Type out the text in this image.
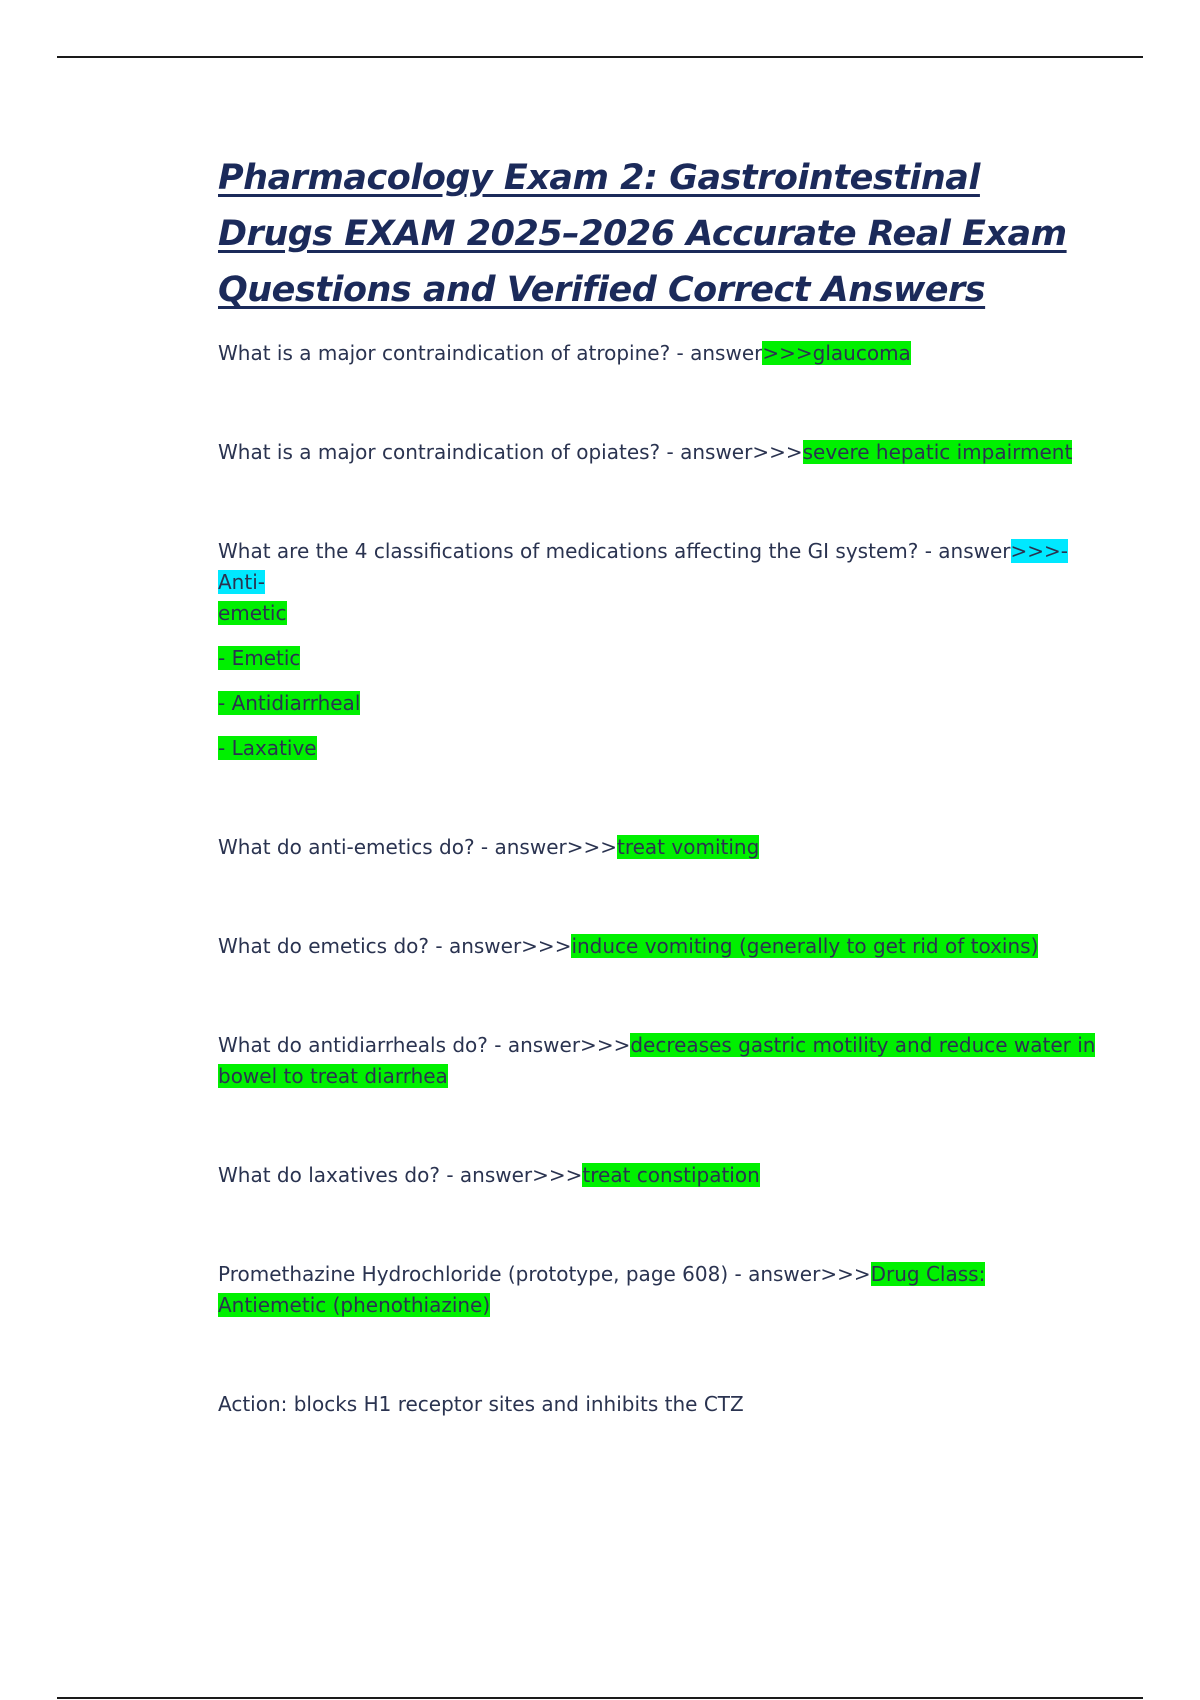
Pharmacology Exam 2: Gastrointestinal Drugs EXAM 2025–2026 Accurate Real Exam Questions and Verified Correct Answers

What is a major contraindication of atropine? - answer>>>glaucoma

What is a major contraindication of opiates? - answer>>>severe hepatic impairment

What are the 4 classifications of medications affecting the GI system? - answer>>>- Anti-
emetic

- Emetic

- Antidiarrheal

- Laxative

What do anti-emetics do? - answer>>>treat vomiting

What do emetics do? - answer>>>induce vomiting (generally to get rid of toxins)

What do antidiarrheals do? - answer>>>decreases gastric motility and reduce water in bowel to treat diarrhea

What do laxatives do? - answer>>>treat constipation

Promethazine Hydrochloride (prototype, page 608) - answer>>>Drug Class: Antiemetic (phenothiazine)

Action: blocks H1 receptor sites and inhibits the CTZ
